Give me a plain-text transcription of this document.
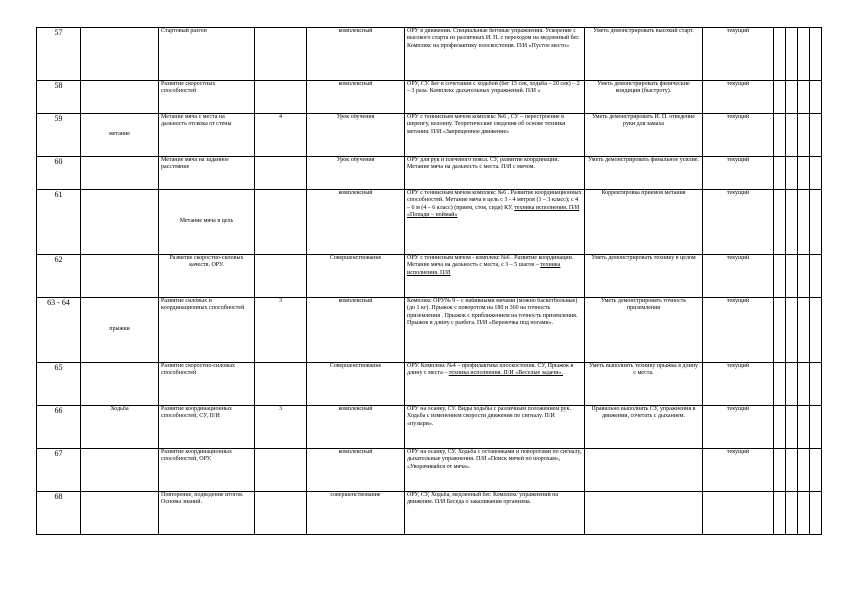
57		Стартовый разгон		комплексный	ОРУ в движении. Специальные беговые упражнения. Ускорение с высокого старта из различных И. П. с переходом на медленный бег. Комплекс на профилактику плоскостопия. П/И «Пустое место»	Уметь демонстрировать высокий старт.	текущий				
58		Развитие скоростных способностей		комплексный	ОРУ, СУ. Бег в сочетании с ходьбой (бег 15 сек, ходьба – 20 сек) – 2 – 3 раза. Комплекс дыхательных упражнений. П/И «	Уметь демонстрировать физические кондиции (быстроту).	текущий				
59	метание	Метание мяча с места на дальность отскока от стены	4	Урок обучения	ОРУ с теннисным мячом комплекс №6 , СУ – перестроение в шеренгу, колонну. Теоретические сведения об основе техники метания. П/И «Запрещенное движение»	Уметь демонстрировать И. П. отведение руки для замаха	текущий				
60		Метание мяча на заданное расстояние		Урок обучения	ОРУ для рук и плечевого пояса. СУ, развитие координации. Метание мяча на дальность с места. П/И с мячом.	Уметь демонстрировать финальное усилие.	текущий				
61		Метание мяча в цель		комплексный	ОРУ с теннисным мячом комплекс №6 . Развитие координационных способностей. Метание мяча в цель с 3 - 4 метров (1 – 3 класс); с 4 – 6 м (4 – 6 класс) (прием, стоя, сидя) КУ, техника исполнения. П/И «Попади – поймай»	Корректировка приемов метания	текущий				
62		Развитие скоростно-силовых качеств. ОРУ.		Совершенствование	ОРУ с теннисным мячом - комплекс №6 . Развитие координации. Метание мяча на дальность с места, с 3 – 5 шагов – техника исполнения. П/И	Уметь демонстрировать технику в целом	текущий				
63 - 64	прыжки	Развитие силовых и координационных способностей	3	комплексный	Комплекс ОРУ№ 9 – с набивными мячами (можно баскетбольные) (до 1 кг). Прыжок с поворотом на 180 и 360 на точность приземления . Прыжок с приближением на точность приземления. Прыжок в длину с разбега. П/И «Веревочка под ногами».	Уметь демонстрировать точность приземления	текущий				
65		Развитие скоростно-силовых способностей		Совершенствование	ОРУ. Комплекс №4 – профилактика плоскостопия. СУ, Прыжок в длину с места – техника исполнения. П/И «Веселые задачи».	Уметь выполнять технику прыжка в длину с места.	текущий				
66	Ходьба	Развитие координационных способностей, СУ, П/И	3	комплексный	ОРУ на осанку, СУ. Виды ходьбы с различным положением рук. Ходьба с изменением скорости движения по сигналу. П/И «пузыри».	Правильно выполнять СУ, упражнения в движении, сочетать с дыханием.	текущий				
67		Развитие координационных способностей, ОРУ.		комплексный	ОРУ на осанку, СУ. Ходьба с остановками и поворотами по сигналу, дыхательные упражнения. П/И «Поиск мячей по шорохам», «Уворачивайся от мяча».		текущий				
68		Повторение, подведение итогов. Основы знаний.		совершенствование	ОРУ, СУ, Ходьба, медленный бег. Комплекс упражнений на движение. П/И Беседа о закаливании организма.						
